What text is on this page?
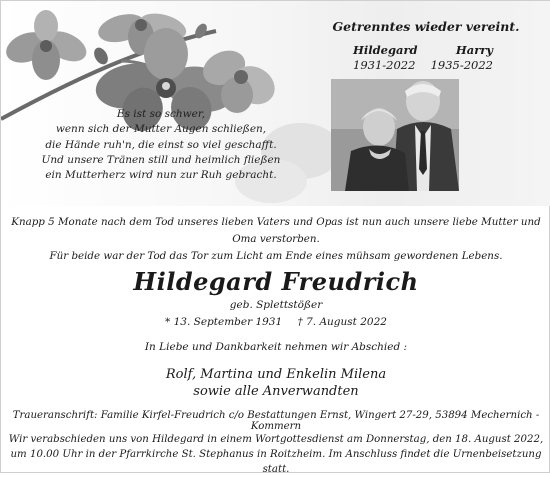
Es ist so schwer,
wenn sich der Mutter Augen schließen,
die Hände ruh'n, die einst so viel geschafft.
Und unsere Tränen still und heimlich fließen
ein Mutterherz wird nun zur Ruh gebracht.
Getrenntes wieder vereint.
Hildegard	Harry
1931-2022 1935-2022
Knapp 5 Monate nach dem Tod unseres lieben Vaters und Opas ist nun auch unsere liebe Mutter und Oma verstorben.
Für beide war der Tod das Tor zum Licht am Ende eines mühsam gewordenen Lebens.
Hildegard Freudrich
geb. Splettstößer
* 13. September 1931 † 7. August 2022
In Liebe und Dankbarkeit nehmen wir Abschied :
Rolf, Martina und Enkelin Milena
sowie alle Anverwandten
Traueranschrift: Familie Kirfel-Freudrich c/o Bestattungen Ernst, Wingert 27-29, 53894 Mechernich - Kommern
Wir verabschieden uns von Hildegard in einem Wortgottesdienst am Donnerstag, den 18. August 2022,
um 10.00 Uhr in der Pfarrkirche St. Stephanus in Roitzheim. Im Anschluss findet die Urnenbeisetzung statt.
